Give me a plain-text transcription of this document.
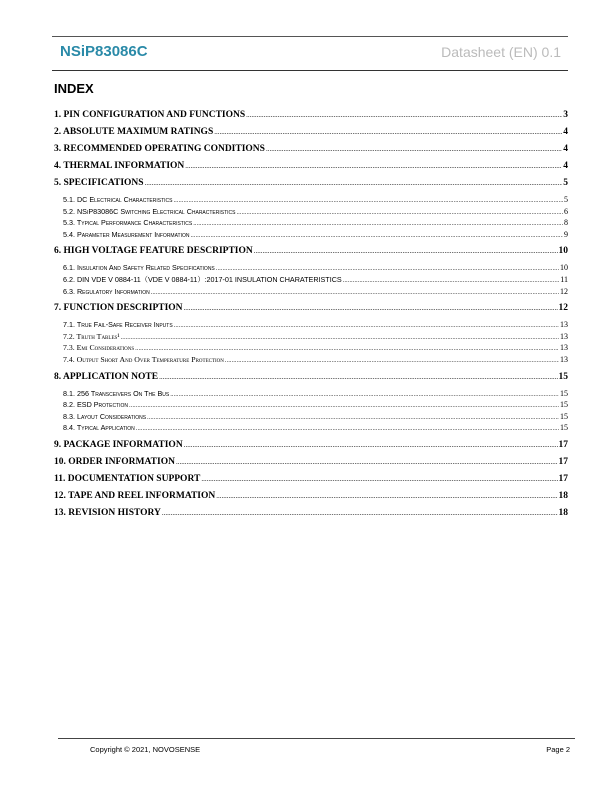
NSiP83086C	Datasheet (EN) 0.1
INDEX
1. PIN CONFIGURATION AND FUNCTIONS .....	3
2. ABSOLUTE MAXIMUM RATINGS .....	4
3. RECOMMENDED OPERATING CONDITIONS .....	4
4. THERMAL INFORMATION .....	4
5. SPECIFICATIONS .....	5
5.1. DC Electrical Characteristics .....	5
5.2. NSiP83086C Switching Electrical Characteristics .....	6
5.3. Typical Performance Characteristics .....	8
5.4. Parameter Measurement Information .....	9
6. HIGH VOLTAGE FEATURE DESCRIPTION .....	10
6.1. Insulation And Safety Related Specifications .....	10
6.2. DIN VDE V 0884-11（VDE V 0884-11）:2017-01 INSULATION CHARATERISTICS .....	11
6.3. Regulatory Information .....	12
7. FUNCTION DESCRIPTION .....	12
7.1. True Fail-Safe Receiver Inputs .....	13
7.2. Truth Tables¹ .....	13
7.3. Emi Considerations .....	13
7.4. Output Short And Over Temperature Protection .....	13
8. APPLICATION NOTE .....	15
8.1. 256 Transceivers On The Bus .....	15
8.2. ESD Protection .....	15
8.3. Layout Considerations .....	15
8.4. Typical Application .....	15
9. PACKAGE INFORMATION .....	17
10. ORDER INFORMATION .....	17
11. DOCUMENTATION SUPPORT .....	17
12. TAPE AND REEL INFORMATION .....	18
13. REVISION HISTORY .....	18
Copyright © 2021, NOVOSENSE	Page 2
